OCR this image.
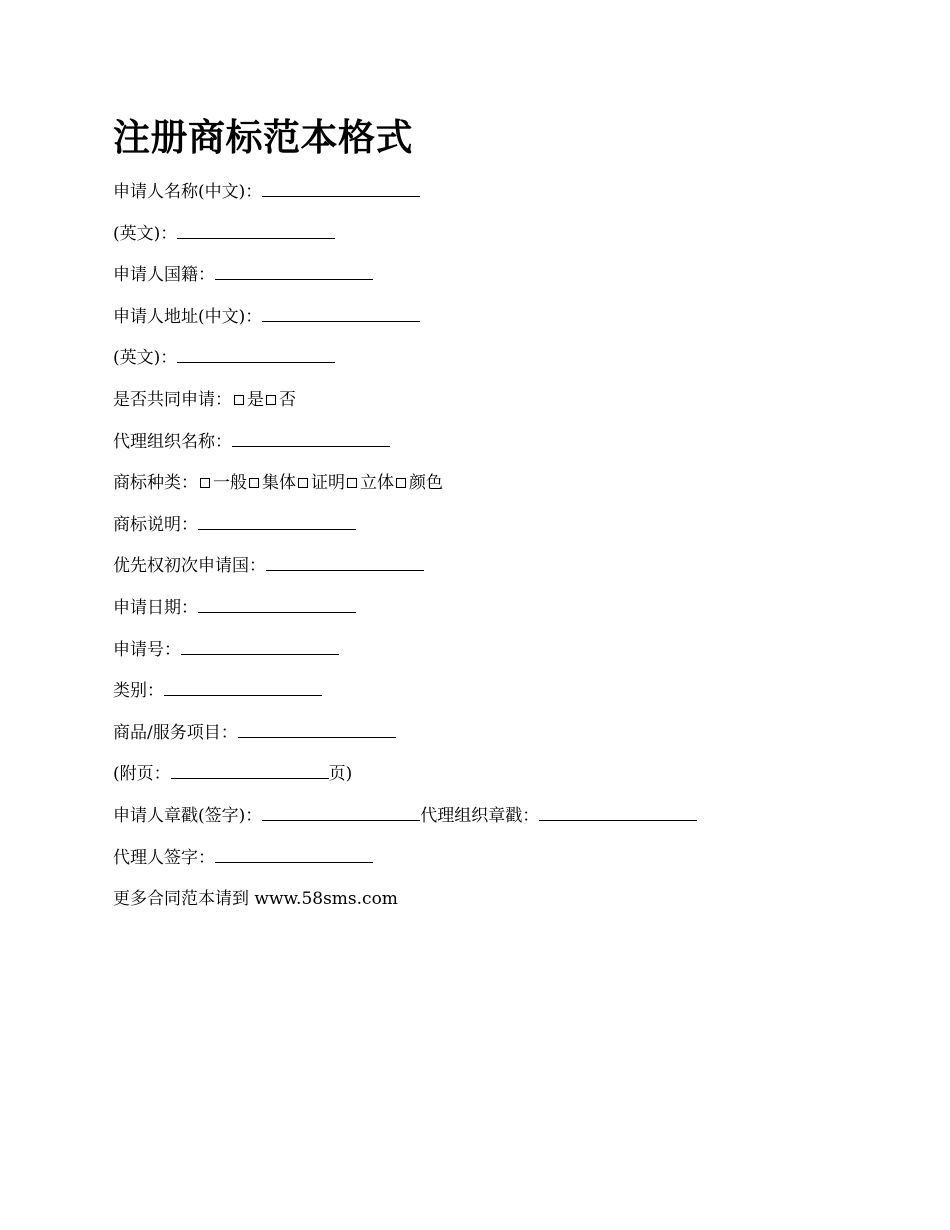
注册商标范本格式
申请人名称(中文)：
(英文)：
申请人国籍：
申请人地址(中文)：
(英文)：
是否共同申请： 是 否
代理组织名称：
商标种类： 一般 集体 证明 立体 颜色
商标说明：
优先权初次申请国：
申请日期：
申请号：
类别：
商品/服务项目：
(附页：	页)
申请人章戳(签字)：	代理组织章戳：
代理人签字：
更多合同范本请到 www.58sms.com
